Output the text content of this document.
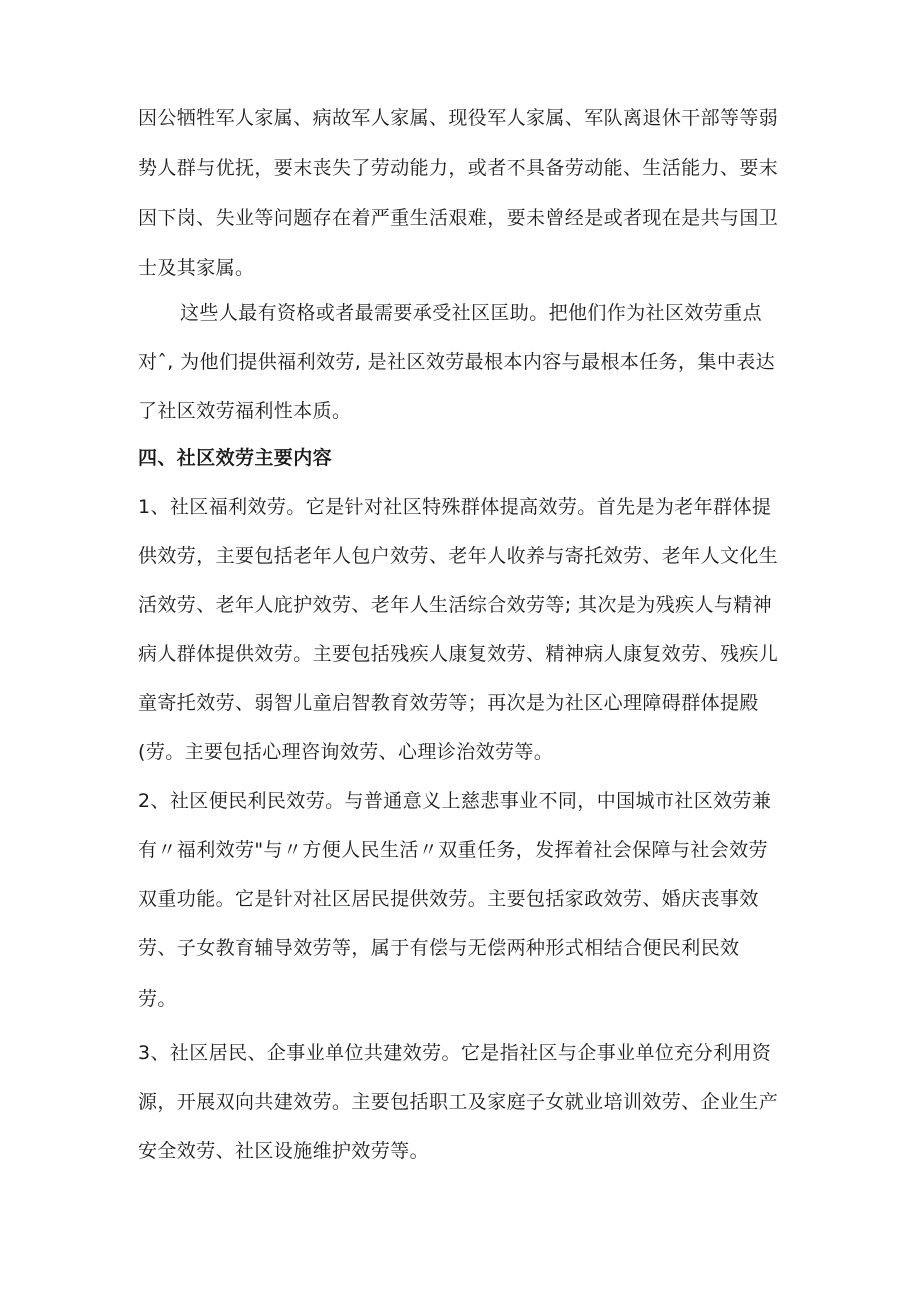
因公牺牲军人家属、病故军人家属、现役军人家属、军队离退休干部等等弱
势人群与优抚，要末丧失了劳动能力，或者不具备劳动能、生活能力、要末
因下岗、失业等问题存在着严重生活艰难，要未曾经是或者现在是共与国卫
士及其家属。
这些人最有资格或者最需要承受社区匡助。把他们作为社区效劳重点
对ˆ, 为他们提供福利效劳, 是社区效劳最根本内容与最根本任务，集中表达
了社区效劳福利性本质。
四、社区效劳主要内容
1、社区福利效劳。它是针对社区特殊群体提高效劳。首先是为老年群体提
供效劳，主要包括老年人包户效劳、老年人收养与寄托效劳、老年人文化生
活效劳、老年人庇护效劳、老年人生活综合效劳等; 其次是为残疾人与精神
病人群体提供效劳。主要包括残疾人康复效劳、精神病人康复效劳、残疾儿
童寄托效劳、弱智儿童启智教育效劳等；再次是为社区心理障碍群体提殿
(劳。主要包括心理咨询效劳、心理诊治效劳等。
2、社区便民利民效劳。与普通意义上慈悲事业不同，中国城市社区效劳兼
有〃福利效劳"与〃方便人民生活〃双重任务，发挥着社会保障与社会效劳
双重功能。它是针对社区居民提供效劳。主要包括家政效劳、婚庆丧事效
劳、子女教育辅导效劳等，属于有偿与无偿两种形式相结合便民利民效
劳。
3、社区居民、企事业单位共建效劳。它是指社区与企事业单位充分利用资
源，开展双向共建效劳。主要包括职工及家庭子女就业培训效劳、企业生产
安全效劳、社区设施维护效劳等。
